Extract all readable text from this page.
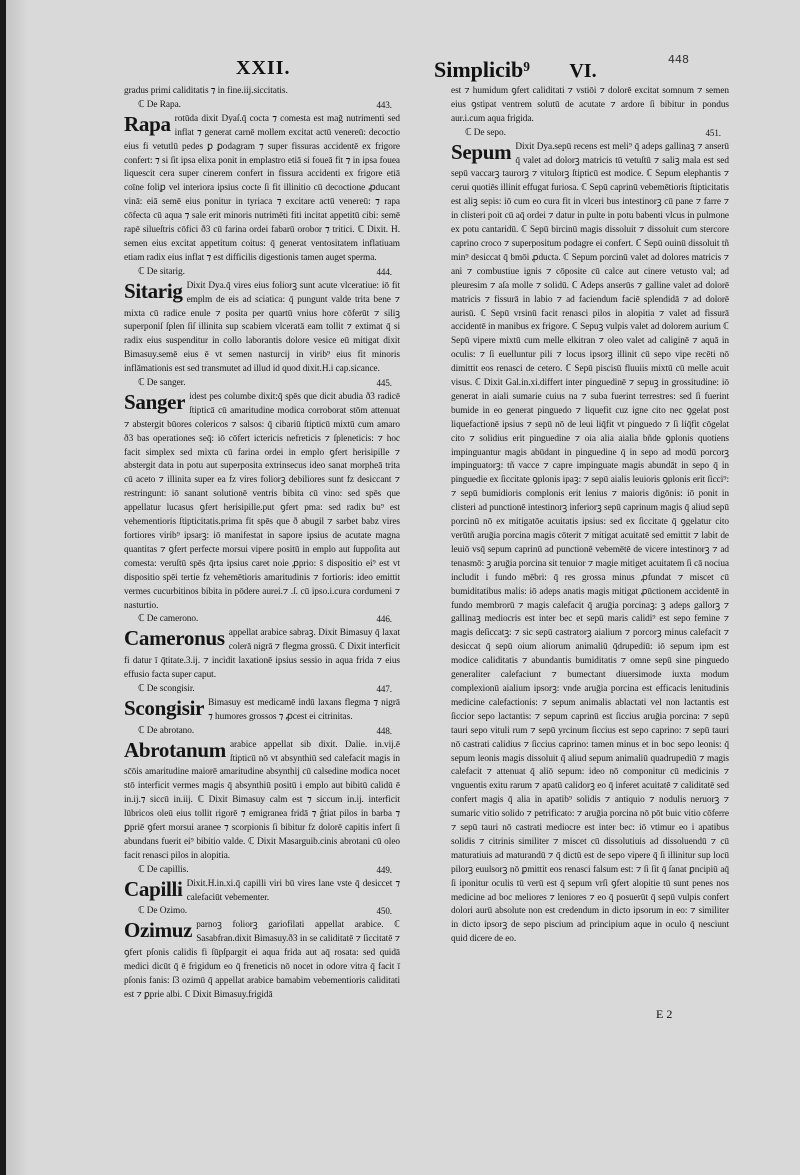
448
XXII.	Simplicib⁹ VI.

gradus primi caliditatis ⁊ in fine.iij.siccitatis.

ℂ De Rapa.	443.

Rapa rotūda dixit Dyaſ.q̄ cocta ⁊ comesta est maḡ nutrimenti sed inflat ⁊ generat carnē mollem excitat actū venereū: decoctio eius fi vetutlū pedes ꝑ ꝑodagram ⁊ super fissuras accidentē ex frigore confert: ⁊ si ſit ipsa elixa ponit in emplastro etiā si foueā fit ⁊ in ipsa fouea liquescit cera super cinerem confert in fissura accidenti ex frigore etiā coīne foliꝑ vel interiora ipsius cocte ſi fit illinitio cū decoctione ꝓducant vinā: eiā semē eius ponitur in tyriaca ⁊ excitare actū venereū: ⁊ rapa cōfecta cū aqua ⁊ sale erit minoris nutrimēti fiti incitat appetitū cibi: semē rapē silueſtris cōfici ð3 cū farina ordei fabarū orobor ⁊ tritici. ℂ Dixit. H. semen eius excitat appetitum coitus: q̄ generat ventositatem inflatiuam etiam radix eius inflat ⁊ est difficilis digestionis tamen auget sperma.

ℂ De sitarig.	444.

Sitarig Dixit Dya.q̄ vires eius foliorꝫ sunt acute vlceratiue: iō fit emplm de eis ad sciatica: q̄ pungunt valde trita bene ⁊ mixta cū radice enule ⁊ posita per quartū vnius hore cōferūt ⁊ siliꝫ superponiſ ſplen ſiſ illinita sup scabiem vlceratā eam tollit ⁊ extimat q̄ si radix eius suspenditur in collo laborantis dolore vesice eū mitigat dixit Bimasuy.semē eius ē vt semen nasturcij in virib⁹ eius fit minoris inflāmationis est sed transmutet ad illud id quod dixit.H.i cap.sicance.

ℂ De sanger.	445.

Sanger idest pes columbe dixit:q̄ spēs que dicit abudia ð3 radicē ſtipticā cū amaritudine modica corroborat stōm attenuat ⁊ abstergit būores colericos ⁊ salsos: q̄ cibariū ſtipticū mixtū cum amaro ð3 bas operationes seq̄: iō cōfert ictericis nefreticis ⁊ ſpleneticis: ⁊ hoc facit simplex sed mixta cū farina ordei in emplo ꝯfert herisipille ⁊ abstergit data in potu aut superposita extrinsecus ideo sanat morpheā trita cū aceto ⁊ illinita super ea fz vires foliorꝫ debiliores sunt fz desiccant ⁊ restringunt: iō sanant solutionē ventris bibita cū vino: sed spēs que appellatur lucasus ꝯfert herisipille.put ꝯfert pma: sed radix bu⁹ est vehementioris ſtipticitatis.prima fit spēs que ð abugil ⁊ sarbet babz vires fortiores virib⁹ ipsarꝫ: iō manifestat in sapore ipsius de acutate magna quantitas ⁊ ꝯfert perfecte morsui vipere positū in emplo aut ſuppoſita aut comesta: veruſtū spēs q̄rta ipsius caret noie ꝓprio: s̄ dispositio ei⁹ est vt dispositio spēi tertie fz vehemētioris amaritudinis ⁊ fortioris: ideo emittit vermes cucurbitinos bibita in pōdere aurei.⁊ .ſ. cū ipso.i.cura cordumeni ⁊ nasturtio.

ℂ De camerono.	446.

Cameronus appellat arabice sabraꝫ. Dixit Bimasuy q̄ laxat colerā nigrā ⁊ flegma grossū. ℂ Dixit interficit fi datur ī q̄titate.3.ij. ⁊ incidit laxationē ipsius sessio in aqua frida ⁊ eius effusio facta super caput.

ℂ De scongisir.	447.

Scongisir Bimasuy est medicamē indū laxans flegma ⁊ nigrā ⁊ humores grossos ⁊ ꝓcest ei citrinitas.

ℂ De abrotano.	448.

Abrotanum arabice appellat sib dixit. Dalie. in.vij.ē ſtipticū nō vt absynthiū sed calefacit magis in sc̄ōis amaritudine maiorē amaritudine absynthij cū calsedine modica nocet stō interficit vermes magis q̄ absynthiū positū i emplo aut bibitū calidū ē in.ij.⁊ siccū in.iij. ℂ Dixit Bimasuy calm est ⁊ siccum in.ij. interficit lūbricos oleū eius tollit rigorē ⁊ emigranea fridā ⁊ g̃tiat pilos in barba ⁊ ꝑpriē ꝯfert morsui aranee ⁊ scorpionis ſi bibitur fz dolorē capitis infert ſi abundans fuerit ei⁹ bibitio valde. ℂ Dixit Masarguib.cinis abrotani cū oleo facit renasci pilos in alopitia.

ℂ De capillis.	449.

Capilli Dixit.H.in.xi.q̄ capilli viri bū vires lane vste q̄ desiccet ⁊ calefaciūt vebementer.

ℂ De Ozimo.	450.

Ozimuz parnoꝫ foliorꝫ gariofilati appellat arabice. ℂ Sasabfran.dixit Bimasuy.ð3 in se caliditatē ⁊ ſiccitatē ⁊ ꝯfert pſonis calidis fi ſūpſpargit ei aqua frida aut aq̄ rosata: sed quidā medici dicūt q̄ ē frigidum eo q̄ freneticis nō nocet in odore vitra q̄ facit ī pſonis fanis: ſ3 ozimū q̄ appellat arabice bamabim vebementioris caliditati est ⁊ ꝑprie albi. ℂ Dixit Bimasuy.frigidā

est ⁊ humidum ꝯfert caliditati ⁊ vstiōi ⁊ dolorē excitat somnum ⁊ semen eius ꝯstipat ventrem solutū de acutate ⁊ ardore ſi bibitur in pondus aur.i.cum aqua frigida.

ℂ De sepo.	451.

Sepum Dixit Dya.sepū recens est meli⁹ q̄ adeps gallinaꝫ ⁊ anserū q̄ valet ad dolorꝫ matricis tū vetuſtū ⁊ saliꝫ mala est sed sepū vaccarꝫ taurorꝫ ⁊ vitulorꝫ ſtipticū est modice. ℂ Sepum elephantis ⁊ cerui quotiēs illinit effugat furiosa. ℂ Sepū caprinū vebemētioris ſtipticitatis est aliꝫ sepis: iō cum eo cura fit in vlceri bus intestinorꝫ cū pane ⁊ farre ⁊ in clisteri poit cū aq̄ ordei ⁊ datur in pulte in potu babenti vlcus in pulmone ex potu cantaridū. ℂ Sepū bircinū magis dissoluit ⁊ dissoluit cum stercore caprino croco ⁊ superpositum podagre ei confert. ℂ Sepū ouinū dissoluit tñ min⁹ desiccat q̄ bmōi ꝓducta. ℂ Sepum porcinū valet ad dolores matricis ⁊ ani ⁊ combustiue ignis ⁊ cōposite cū calce aut cinere vetusto val; ad pleuresim ⁊ aſa molle ⁊ solidū. ℂ Adeps anserūs ⁊ galline valet ad dolorē matricis ⁊ fissurā in labio ⁊ ad faciendum faciē splendidā ⁊ ad dolorē aurisū. ℂ Sepū vrsinū facit renasci pilos in alopitia ⁊ valet ad fissurā accidentē in manibus ex frigore. ℂ Sepuꝫ vulpis valet ad dolorem aurium ℂ Sepū vipere mixtū cum melle elkitran ⁊ oleo valet ad caliginē ⁊ aquā in oculis: ⁊ ſi euelluntur pili ⁊ locus ipsorꝫ illinit cū sepo vipe recēti nō dimittit eos renasci de cetero. ℂ Sepū piscisū fluuiis mixtū cū melle acuit visus. ℂ Dixit Gal.in.xi.differt inter pinguedinē ⁊ sepuꝫ in grossitudine: iō generat in aiali sumarie cuius na ⁊ suba fuerint terrestres: sed ſi fuerint bumide in eo generat pinguedo ⁊ liquefit cuz igne cito nec ꝯgelat post liquefactionē ipsius ⁊ sepū nō de leui liq̄fit vt pinguedo ⁊ ſi liq̄fit cōgelat cito ⁊ solidius erit pinguedine ⁊ oia alia aialia bñde ꝯplonis quotiens impinguantur magis abūdant in pinguedine q̄ in sepo ad modū porcorꝫ impinguatorꝫ: tñ vacce ⁊ capre impinguate magis abundāt in sepo q̄ in pinguedie ex ſiccitate ꝯplonis ipaꝫ: ⁊ sepū aialis leuioris ꝯplonis erit ſicci⁹: ⁊ sepū bumidioris complonis erit lenius ⁊ maioris digōnis: iō ponit in clisteri ad punctionē intestinorꝫ inferiorꝫ sepū caprinum magis q̄ aliud sepū porcinū nō ex mitigatōe acuitatis ipsius: sed ex ſiccitate q̄ ꝯgelatur cito verūtñ aruḡia porcina magis cōterit ⁊ mitigat acuitatē sed emittit ⁊ labit de leuiō vsq̄ sepum caprinū ad punctionē vebemētē de vicere intestinorꝫ ⁊ ad tenasmō: ꝫ aruḡia porcina sit tenuior ⁊ magie mitiget acuitatem ſi cā nociua includit i fundo mēbri: q̄ res grossa minus ꝓfundat ⁊ miscet cū bumiditatibus malis: iō adeps anatis magis mitigat ꝓūctionem accidentē in fundo membrorū ⁊ magis calefacit q̄ aruḡia porcinaꝫ: ꝫ adeps gallorꝫ ⁊ gallinaꝫ mediocris est inter bec et sepū maris calidi⁹ est sepo femine ⁊ magis deſiccatꝫ: ⁊ sic sepū castratorꝫ aialium ⁊ porcorꝫ minus calefacit ⁊ desiccat q̄ sepū oium aliorum animaliū q̄drupediū: iō sepum ipm est modice caliditatis ⁊ abundantis bumiditatis ⁊ omne sepū sine pinguedo generaliter calefaciunt ⁊ bumectant diuersimode iuxta modum complexionū aialium ipsorꝫ: vnde aruḡia porcina est efficacis lenitudinis medicine calefactionis: ⁊ sepum animalis ablactati vel non lactantis est ſiccior sepo lactantis: ⁊ sepum caprinū est ſiccius aruḡia porcina: ⁊ sepū tauri sepo vituli rum ⁊ sepū yrcinum ſiccius est sepo caprino: ⁊ sepū tauri nō castrati calidius ⁊ ſiccius caprino: tamen minus et in boc sepo leonis: q̄ sepum leonis magis dissoluit q̄ aliud sepum animaliū quadrupediū ⁊ magis calefacit ⁊ attenuat q̄ aliō sepum: ideo nō componitur cū medicinis ⁊ vnguentis exitu rarum ⁊ apatū calidorꝫ eo q̄ inferet acuitatē ⁊ caliditatē sed confert magis q̄ alia in apatib⁹ solidis ⁊ antiquio ⁊ nodulis neruorꝫ ⁊ sumaric vitio solido ⁊ petrificato: ⁊ aruḡia porcina nō pōt buic vitio cōferre ⁊ sepū tauri nō castrati mediocre est inter bec: iō vtimur eo i apatibus solidis ⁊ citrinis similiter ⁊ miscet cū dissolutiuis ad dissoluendū ⁊ cū maturatiuis ad maturandū ⁊ q̄ dictū est de sepo vipere q̄ ſi illinitur sup locū pilorꝫ euulsorꝫ nō ꝑmittit eos renasci falsum est: ⁊ ſi ſit q̄ ſanat ꝑncipiū aq̄ ſi iponitur oculis tū verū est q̄ sepum vrſi ꝯfert alopitie tū sunt penes nos medicine ad boc meliores ⁊ leniores ⁊ eo q̄ posuerūt q̄ sepū vulpis confert dolori aurū absolute non est credendum in dicto ipsorum in eo: ⁊ similiter in dicto ipsorꝫ de sepo piscium ad principium aque in oculo q̄ nesciunt quid dicere de eo.

E 2
